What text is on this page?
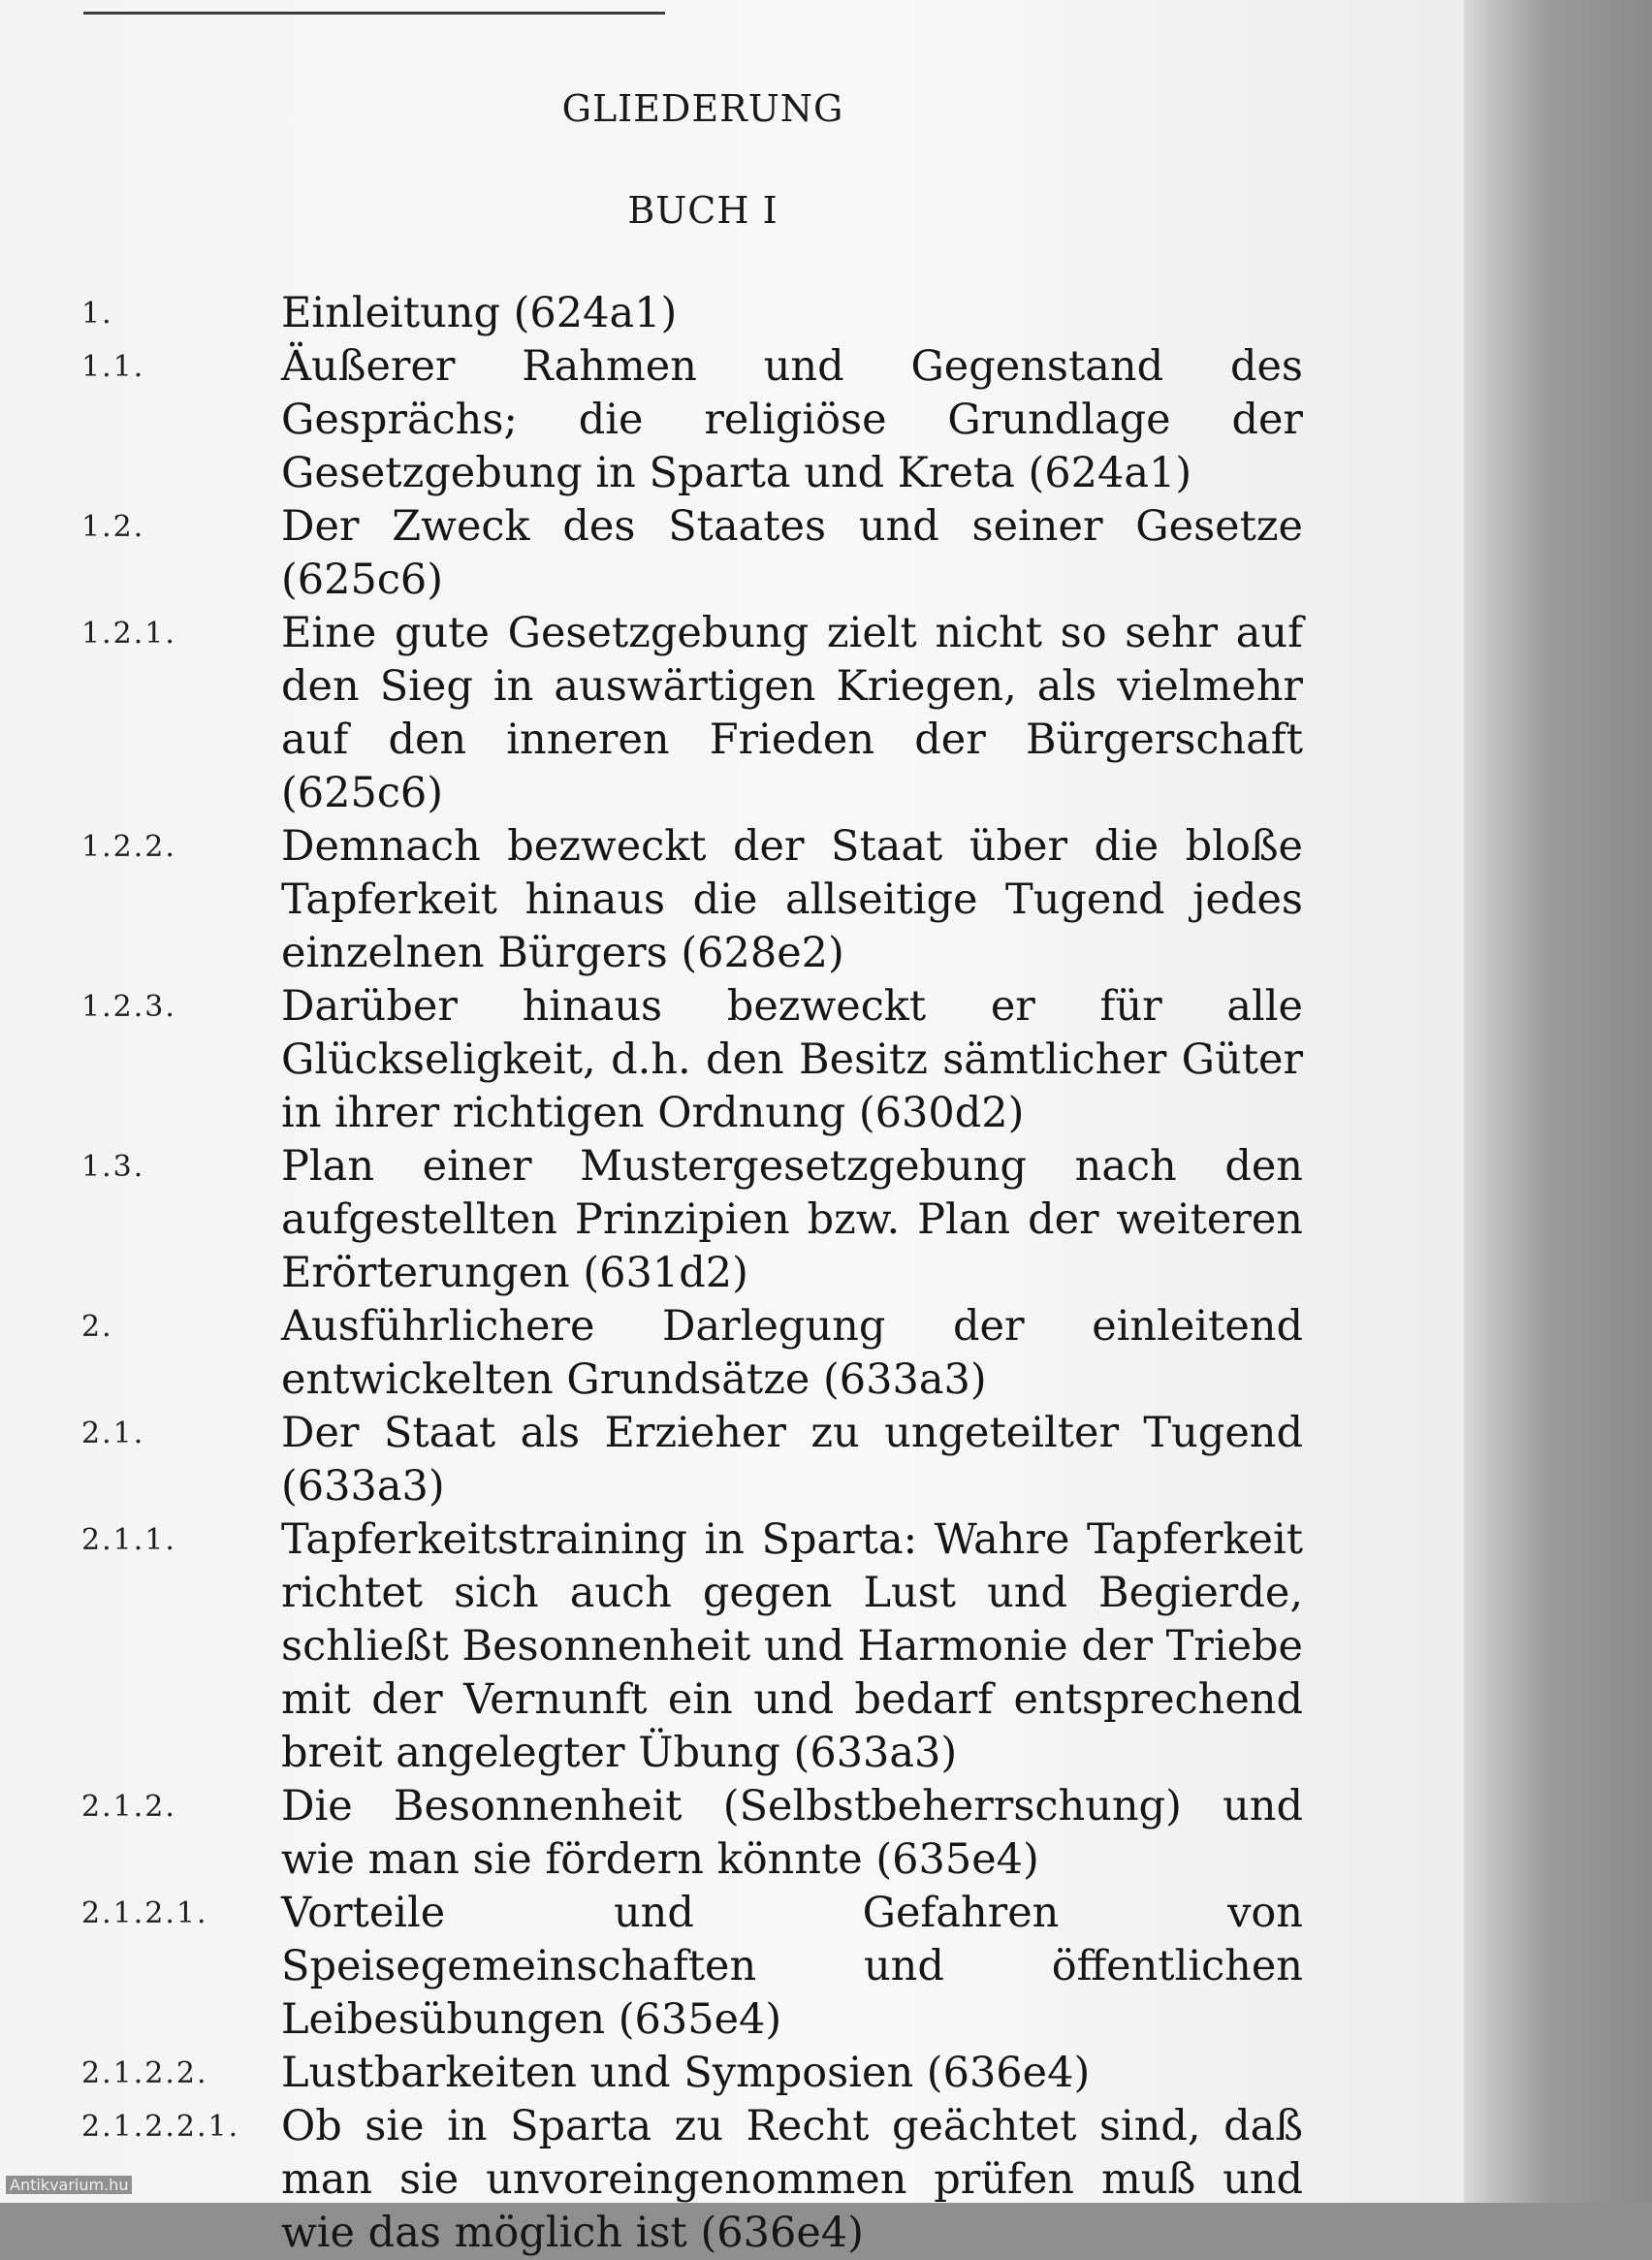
GLIEDERUNG
BUCH I
1.	Einleitung (624a1)
1.1.	Äußerer Rahmen und Gegenstand des Gesprächs; die religiöse Grundlage der Gesetzgebung in Sparta und Kreta (624a1)
1.2.	Der Zweck des Staates und seiner Gesetze (625c6)
1.2.1.	Eine gute Gesetzgebung zielt nicht so sehr auf den Sieg in auswärtigen Kriegen, als vielmehr auf den inneren Frieden der Bürgerschaft (625c6)
1.2.2.	Demnach bezweckt der Staat über die bloße Tapferkeit hinaus die allseitige Tugend jedes einzelnen Bürgers (628e2)
1.2.3.	Darüber hinaus bezweckt er für alle Glückseligkeit, d.h. den Besitz sämtlicher Güter in ihrer richtigen Ordnung (630d2)
1.3.	Plan einer Mustergesetzgebung nach den aufgestellten Prinzipien bzw. Plan der weiteren Erörterungen (631d2)
2.	Ausführlichere Darlegung der einleitend entwickelten Grundsätze (633a3)
2.1.	Der Staat als Erzieher zu ungeteilter Tugend (633a3)
2.1.1.	Tapferkeitstraining in Sparta: Wahre Tapferkeit richtet sich auch gegen Lust und Begierde, schließt Besonnenheit und Harmonie der Triebe mit der Vernunft ein und bedarf entsprechend breit angelegter Übung (633a3)
2.1.2.	Die Besonnenheit (Selbstbeherrschung) und wie man sie fördern könnte (635e4)
2.1.2.1.	Vorteile und Gefahren von Speisegemeinschaften und öffentlichen Leibesübungen (635e4)
2.1.2.2.	Lustbarkeiten und Symposien (636e4)
2.1.2.2.1. Ob sie in Sparta zu Recht geächtet sind, daß man sie unvoreingenommen prüfen muß und wie das möglich ist (636e4)
Antikvarium.hu
